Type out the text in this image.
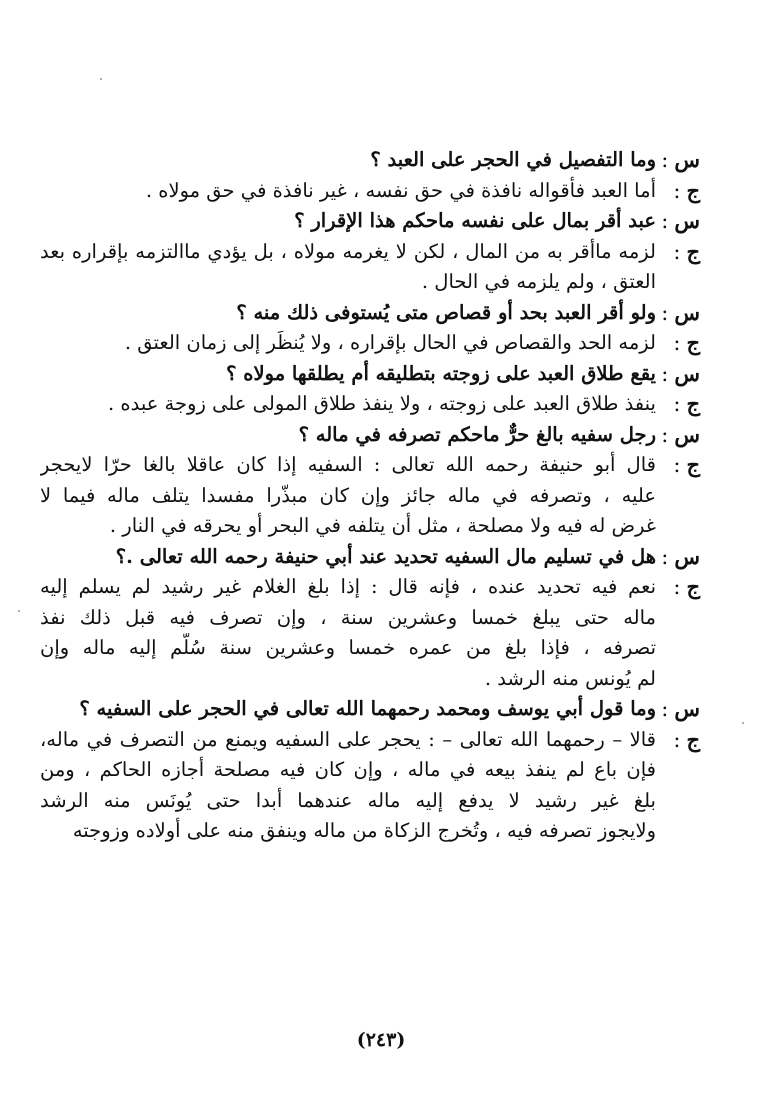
س:
وما التفصيل في الحجر على العبد ؟
ج:
أما العبد فأقواله نافذة في حق نفسه ، غير نافذة في حق مولاه .
س:
عبد أقر بمال على نفسه ماحكم هذا الإقرار ؟
ج:
لزمه ماأقر به من المال ، لكن لا يغرمه مولاه ، بل يؤدي ماالتزمه بإقراره بعد
العتق ، ولم يلزمه في الحال .
س:
ولو أقر العبد بحد أو قصاص متى يُستوفى ذلك منه ؟
ج:
لزمه الحد والقصاص في الحال بإقراره ، ولا يُنظَر إلى زمان العتق .
س:
يقع طلاق العبد على زوجته بتطليقه أم يطلقها مولاه ؟
ج:
ينفذ طلاق العبد على زوجته ، ولا ينفذ طلاق المولى على زوجة عبده .
س:
رجل سفيه بالغ حرٌّ ماحكم تصرفه في ماله ؟
ج:
قال أبو حنيفة رحمه الله تعالى : السفيه إذا كان عاقلا بالغا حرّا لايحجر
عليه ، وتصرفه في ماله جائز وإن كان مبذّرا مفسدا يتلف ماله فيما لا
غرض له فيه ولا مصلحة ، مثل أن يتلفه في البحر أو يحرقه في النار .
س:
هل في تسليم مال السفيه تحديد عند أبي حنيفة رحمه الله تعالى .؟
ج:
نعم فيه تحديد عنده ، فإنه قال : إذا بلغ الغلام غير رشيد لم يسلم إليه
ماله حتى يبلغ خمسا وعشرين سنة ، وإن تصرف فيه قبل ذلك نفذ
تصرفه ، فإذا بلغ من عمره خمسا وعشرين سنة سُلّم إليه ماله وإن
لم يُونس منه الرشد .
س:
وما قول أبي يوسف ومحمد رحمهما الله تعالى في الحجر على السفيه ؟
ج:
قالا – رحمهما الله تعالى – : يحجر على السفيه ويمنع من التصرف في ماله،
فإن باع لم ينفذ بيعه في ماله ، وإن كان فيه مصلحة أجازه الحاكم ، ومن
بلغ غير رشيد لا يدفع إليه ماله عندهما أبدا حتى يُونَس منه الرشد
ولايجوز تصرفه فيه ، وتُخرج الزكاة من ماله وينفق منه على أولاده وزوجته
(٢٤٣)
